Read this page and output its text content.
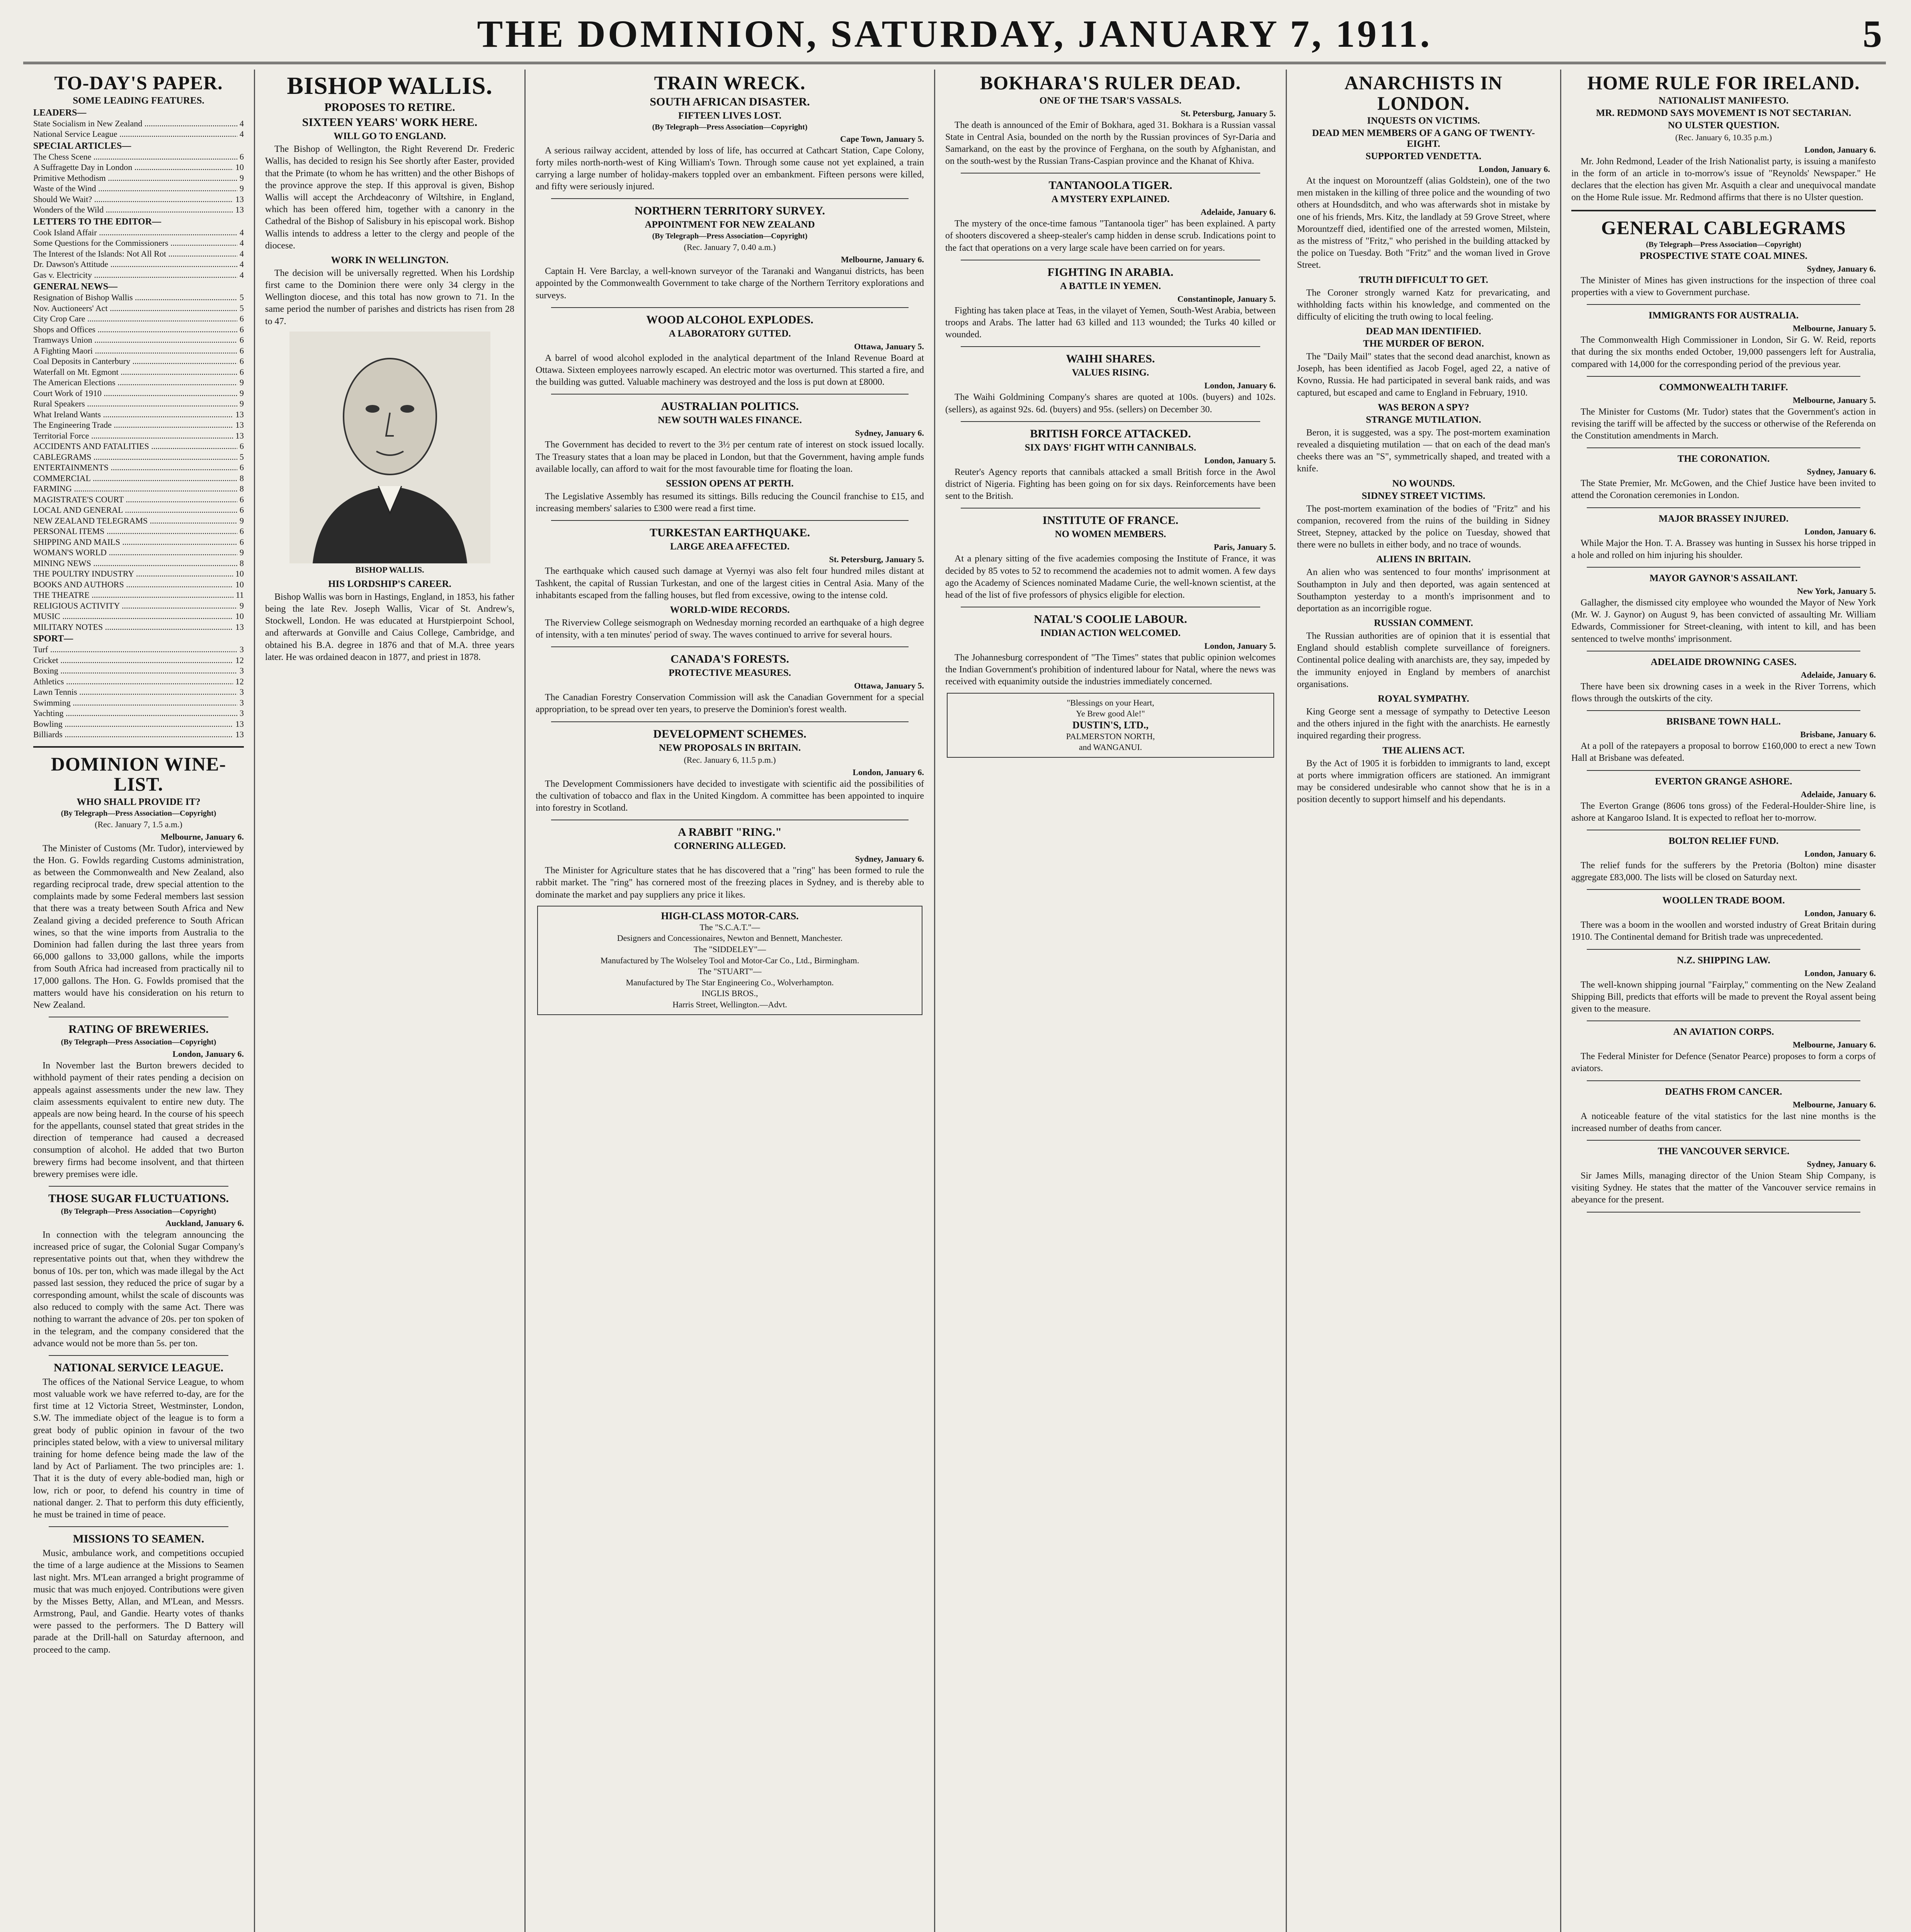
THE DOMINION, SATURDAY, JANUARY 7, 1911.	5
TO-DAY'S PAPER.
SOME LEADING FEATURES.
LEADERS—
State Socialism in New Zealand .....	4
National Service League .....	4
SPECIAL ARTICLES—
The Chess Scene .....	6
A Suffragette Day in London .....	10
Primitive Methodism .....	9
Waste of the Wind .....	9
Should We Wait? .....	13
Wonders of the Wild .....	13
LETTERS TO THE EDITOR—
Cook Island Affair .....	4
Some Questions for the Commissioners .....	4
The Interest of the Islands: Not All Rot .....	4
Dr. Dawson's Attitude .....	4
Gas v. Electricity .....	4
GENERAL NEWS—
Resignation of Bishop Wallis .....	5
Nov. Auctioneers' Act .....	5
City Crop Care .....	6
Shops and Offices .....	6
Tramways Union .....	6
A Fighting Maori .....	6
Coal Deposits in Canterbury .....	6
Waterfall on Mt. Egmont .....	6
The American Elections .....	9
Court Work of 1910 .....	9
Rural Speakers .....	9
What Ireland Wants .....	13
The Engineering Trade .....	13
Territorial Force .....	13
ACCIDENTS AND FATALITIES .....	6
CABLEGRAMS .....	5
ENTERTAINMENTS .....	6
COMMERCIAL .....	8
FARMING .....	8
MAGISTRATE'S COURT .....	6
LOCAL AND GENERAL .....	6
NEW ZEALAND TELEGRAMS .....	9
PERSONAL ITEMS .....	6
SHIPPING AND MAILS .....	6
WOMAN'S WORLD .....	9
MINING NEWS .....	8
THE POULTRY INDUSTRY .....	10
BOOKS AND AUTHORS .....	10
THE THEATRE .....	11
RELIGIOUS ACTIVITY .....	9
MUSIC .....	10
MILITARY NOTES .....	13
SPORT—
Turf .....	3
Cricket .....	12
Boxing .....	3
Athletics .....	12
Lawn Tennis .....	3
Swimming .....	3
Yachting .....	3
Bowling .....	13
Billiards .....	13
DOMINION WINE-LIST.
WHO SHALL PROVIDE IT?
(By Telegraph—Press Association—Copyright)
(Rec. January 7, 1.5 a.m.)
Melbourne, January 6.

The Minister of Customs (Mr. Tudor), interviewed by the Hon. G. Fowlds regarding Customs administration, as between the Commonwealth and New Zealand, also regarding reciprocal trade, drew special attention to the complaints made by some Federal members last session that there was a treaty between South Africa and New Zealand giving a decided preference to South African wines, so that the wine imports from Australia to the Dominion had fallen during the last three years from 66,000 gallons to 33,000 gallons, while the imports from South Africa had increased from practically nil to 17,000 gallons. The Hon. G. Fowlds promised that the matters would have his consideration on his return to New Zealand.

RATING OF BREWERIES.
(By Telegraph—Press Association—Copyright)
London, January 6.

In November last the Burton brewers decided to withhold payment of their rates pending a decision on appeals against assessments under the new law. They claim assessments equivalent to entire new duty. The appeals are now being heard. In the course of his speech for the appellants, counsel stated that great strides in the direction of temperance had caused a decreased consumption of alcohol. He added that two Burton brewery firms had become insolvent, and that thirteen brewery premises were idle.

THOSE SUGAR FLUCTUATIONS.
(By Telegraph—Press Association—Copyright)
Auckland, January 6.

In connection with the telegram announcing the increased price of sugar, the Colonial Sugar Company's representative points out that, when they withdrew the bonus of 10s. per ton, which was made illegal by the Act passed last session, they reduced the price of sugar by a corresponding amount, whilst the scale of discounts was also reduced to comply with the same Act. There was nothing to warrant the advance of 20s. per ton spoken of in the telegram, and the company considered that the advance would not be more than 5s. per ton.

NATIONAL SERVICE LEAGUE.

The offices of the National Service League, to whom most valuable work we have referred to-day, are for the first time at 12 Victoria Street, Westminster, London, S.W. The immediate object of the league is to form a great body of public opinion in favour of the two principles stated below, with a view to universal military training for home defence being made the law of the land by Act of Parliament. The two principles are: 1. That it is the duty of every able-bodied man, high or low, rich or poor, to defend his country in time of national danger. 2. That to perform this duty efficiently, he must be trained in time of peace.

MISSIONS TO SEAMEN.

Music, ambulance work, and competitions occupied the time of a large audience at the Missions to Seamen last night. Mrs. M'Lean arranged a bright programme of music that was much enjoyed. Contributions were given by the Misses Betty, Allan, and M'Lean, and Messrs. Armstrong, Paul, and Gandie. Hearty votes of thanks were passed to the performers. The D Battery will parade at the Drill-hall on Saturday afternoon, and proceed to the camp.

BISHOP WALLIS.
PROPOSES TO RETIRE.
SIXTEEN YEARS' WORK HERE.
WILL GO TO ENGLAND.

The Bishop of Wellington, the Right Reverend Dr. Frederic Wallis, has decided to resign his See shortly after Easter, provided that the Primate (to whom he has written) and the other Bishops of the province approve the step. If this approval is given, Bishop Wallis will accept the Archdeaconry of Wiltshire, in England, which has been offered him, together with a canonry in the Cathedral of the Bishop of Salisbury in his episcopal work. Bishop Wallis intends to address a letter to the clergy and people of the diocese.

WORK IN WELLINGTON.

The decision will be universally regretted. When his Lordship first came to the Dominion there were only 34 clergy in the Wellington diocese, and this total has now grown to 71. In the same period the number of parishes and districts has risen from 28 to 47.

BISHOP WALLIS.
HIS LORDSHIP'S CAREER.

Bishop Wallis was born in Hastings, England, in 1853, his father being the late Rev. Joseph Wallis, Vicar of St. Andrew's, Stockwell, London. He was educated at Hurstpierpoint School, and afterwards at Gonville and Caius College, Cambridge, and obtained his B.A. degree in 1876 and that of M.A. three years later. He was ordained deacon in 1877, and priest in 1878.

TRAIN WRECK.
SOUTH AFRICAN DISASTER.
FIFTEEN LIVES LOST.
(By Telegraph—Press Association—Copyright)
Cape Town, January 5.

A serious railway accident, attended by loss of life, has occurred at Cathcart Station, Cape Colony, forty miles north-north-west of King William's Town. Through some cause not yet explained, a train carrying a large number of holiday-makers toppled over an embankment. Fifteen persons were killed, and fifty were seriously injured.

NORTHERN TERRITORY SURVEY.
APPOINTMENT FOR NEW ZEALAND
(By Telegraph—Press Association—Copyright)
(Rec. January 7, 0.40 a.m.)
Melbourne, January 6.

Captain H. Vere Barclay, a well-known surveyor of the Taranaki and Wanganui districts, has been appointed by the Commonwealth Government to take charge of the Northern Territory explorations and surveys.

WOOD ALCOHOL EXPLODES.
A LABORATORY GUTTED.
Ottawa, January 5.

A barrel of wood alcohol exploded in the analytical department of the Inland Revenue Board at Ottawa. Sixteen employees narrowly escaped. An electric motor was overturned. This started a fire, and the building was gutted. Valuable machinery was destroyed and the loss is put down at £8000.

AUSTRALIAN POLITICS.
NEW SOUTH WALES FINANCE.
Sydney, January 6.

The Government has decided to revert to the 3½ per centum rate of interest on stock issued locally. The Treasury states that a loan may be placed in London, but that the Government, having ample funds available locally, can afford to wait for the most favourable time for floating the loan.

SESSION OPENS AT PERTH.

The Legislative Assembly has resumed its sittings. Bills reducing the Council franchise to £15, and increasing members' salaries to £300 were read a first time.

TURKESTAN EARTHQUAKE.
LARGE AREA AFFECTED.
St. Petersburg, January 5.

The earthquake which caused such damage at Vyernyi was also felt four hundred miles distant at Tashkent, the capital of Russian Turkestan, and one of the largest cities in Central Asia. Many of the inhabitants escaped from the falling houses, but fled from excessive, owing to the intense cold.

WORLD-WIDE RECORDS.

The Riverview College seismograph on Wednesday morning recorded an earthquake of a high degree of intensity, with a ten minutes' period of sway. The waves continued to arrive for several hours.

CANADA'S FORESTS.
PROTECTIVE MEASURES.
Ottawa, January 5.

The Canadian Forestry Conservation Commission will ask the Canadian Government for a special appropriation, to be spread over ten years, to preserve the Dominion's forest wealth.

DEVELOPMENT SCHEMES.
NEW PROPOSALS IN BRITAIN.
(Rec. January 6, 11.5 p.m.)
London, January 6.

The Development Commissioners have decided to investigate with scientific aid the possibilities of the cultivation of tobacco and flax in the United Kingdom. A committee has been appointed to inquire into forestry in Scotland.

A RABBIT "RING."
CORNERING ALLEGED.
Sydney, January 6.

The Minister for Agriculture states that he has discovered that a "ring" has been formed to rule the rabbit market. The "ring" has cornered most of the freezing places in Sydney, and is thereby able to dominate the market and pay suppliers any price it likes.

HIGH-CLASS MOTOR-CARS.
The "S.C.A.T."—
Designers and Concessionaires, Newton and Bennett, Manchester.
The "SIDDELEY"—
Manufactured by The Wolseley Tool and Motor-Car Co., Ltd., Birmingham.
The "STUART"—
Manufactured by The Star Engineering Co., Wolverhampton.
INGLIS BROS.,
Harris Street, Wellington.—Advt.
BOKHARA'S RULER DEAD.
ONE OF THE TSAR'S VASSALS.
St. Petersburg, January 5.

The death is announced of the Emir of Bokhara, aged 31. Bokhara is a Russian vassal State in Central Asia, bounded on the north by the Russian provinces of Syr-Daria and Samarkand, on the east by the province of Ferghana, on the south by Afghanistan, and on the south-west by the Russian Trans-Caspian province and the Khanat of Khiva.

TANTANOOLA TIGER.
A MYSTERY EXPLAINED.
Adelaide, January 6.

The mystery of the once-time famous "Tantanoola tiger" has been explained. A party of shooters discovered a sheep-stealer's camp hidden in dense scrub. Indications point to the fact that operations on a very large scale have been carried on for years.

FIGHTING IN ARABIA.
A BATTLE IN YEMEN.
Constantinople, January 5.

Fighting has taken place at Teas, in the vilayet of Yemen, South-West Arabia, between troops and Arabs. The latter had 63 killed and 113 wounded; the Turks 40 killed or wounded.

WAIHI SHARES.
VALUES RISING.
London, January 6.

The Waihi Goldmining Company's shares are quoted at 100s. (buyers) and 102s. (sellers), as against 92s. 6d. (buyers) and 95s. (sellers) on December 30.

BRITISH FORCE ATTACKED.
SIX DAYS' FIGHT WITH CANNIBALS.
London, January 5.

Reuter's Agency reports that cannibals attacked a small British force in the Awol district of Nigeria. Fighting has been going on for six days. Reinforcements have been sent to the British.

INSTITUTE OF FRANCE.
NO WOMEN MEMBERS.
Paris, January 5.

At a plenary sitting of the five academies composing the Institute of France, it was decided by 85 votes to 52 to recommend the academies not to admit women. A few days ago the Academy of Sciences nominated Madame Curie, the well-known scientist, at the head of the list of five professors of physics eligible for election.

NATAL'S COOLIE LABOUR.
INDIAN ACTION WELCOMED.
London, January 5.

The Johannesburg correspondent of "The Times" states that public opinion welcomes the Indian Government's prohibition of indentured labour for Natal, where the news was received with equanimity outside the industries immediately concerned.

"Blessings on your Heart,
Ye Brew good Ale!"
DUSTIN'S, LTD.,
PALMERSTON NORTH,
and WANGANUI.
ANARCHISTS IN LONDON.
INQUESTS ON VICTIMS.
DEAD MEN MEMBERS OF A GANG OF TWENTY-EIGHT.
SUPPORTED VENDETTA.
London, January 6.

At the inquest on Morountzeff (alias Goldstein), one of the two men mistaken in the killing of three police and the wounding of two others at Houndsditch, and who was afterwards shot in mistake by one of his friends, Mrs. Kitz, the landlady at 59 Grove Street, where Morountzeff died, identified one of the arrested women, Milstein, as the mistress of "Fritz," who perished in the building attacked by the police on Tuesday. Both "Fritz" and the woman lived in Grove Street.

TRUTH DIFFICULT TO GET.

The Coroner strongly warned Katz for prevaricating, and withholding facts within his knowledge, and commented on the difficulty of eliciting the truth owing to local feeling.

DEAD MAN IDENTIFIED.
THE MURDER OF BERON.

The "Daily Mail" states that the second dead anarchist, known as Joseph, has been identified as Jacob Fogel, aged 22, a native of Kovno, Russia. He had participated in several bank raids, and was captured, but escaped and came to England in February, 1910.

WAS BERON A SPY?
STRANGE MUTILATION.

Beron, it is suggested, was a spy. The post-mortem examination revealed a disquieting mutilation — that on each of the dead man's cheeks there was an "S", symmetrically shaped, and treated with a knife.

NO WOUNDS.
SIDNEY STREET VICTIMS.

The post-mortem examination of the bodies of "Fritz" and his companion, recovered from the ruins of the building in Sidney Street, Stepney, attacked by the police on Tuesday, showed that there were no bullets in either body, and no trace of wounds.

ALIENS IN BRITAIN.

An alien who was sentenced to four months' imprisonment at Southampton in July and then deported, was again sentenced at Southampton yesterday to a month's imprisonment and to deportation as an incorrigible rogue.

RUSSIAN COMMENT.

The Russian authorities are of opinion that it is essential that England should establish complete surveillance of foreigners. Continental police dealing with anarchists are, they say, impeded by the immunity enjoyed in England by members of anarchist organisations.

ROYAL SYMPATHY.

King George sent a message of sympathy to Detective Leeson and the others injured in the fight with the anarchists. He earnestly inquired regarding their progress.

THE ALIENS ACT.

By the Act of 1905 it is forbidden to immigrants to land, except at ports where immigration officers are stationed. An immigrant may be considered undesirable who cannot show that he is in a position decently to support himself and his dependants.

HOME RULE FOR IRELAND.
NATIONALIST MANIFESTO.
MR. REDMOND SAYS MOVEMENT IS NOT SECTARIAN.
NO ULSTER QUESTION.
(Rec. January 6, 10.35 p.m.)
London, January 6.

Mr. John Redmond, Leader of the Irish Nationalist party, is issuing a manifesto in the form of an article in to-morrow's issue of "Reynolds' Newspaper." He declares that the election has given Mr. Asquith a clear and unequivocal mandate on the Home Rule issue. Mr. Redmond affirms that there is no Ulster question.

GENERAL CABLEGRAMS
(By Telegraph—Press Association—Copyright)
PROSPECTIVE STATE COAL MINES.
Sydney, January 6.

The Minister of Mines has given instructions for the inspection of three coal properties with a view to Government purchase.

IMMIGRANTS FOR AUSTRALIA.
Melbourne, January 5.

The Commonwealth High Commissioner in London, Sir G. W. Reid, reports that during the six months ended October, 19,000 passengers left for Australia, compared with 14,000 for the corresponding period of the previous year.

COMMONWEALTH TARIFF.
Melbourne, January 5.

The Minister for Customs (Mr. Tudor) states that the Government's action in revising the tariff will be affected by the success or otherwise of the Referenda on the Constitution amendments in March.

THE CORONATION.
Sydney, January 6.

The State Premier, Mr. McGowen, and the Chief Justice have been invited to attend the Coronation ceremonies in London.

MAJOR BRASSEY INJURED.
London, January 6.

While Major the Hon. T. A. Brassey was hunting in Sussex his horse tripped in a hole and rolled on him injuring his shoulder.

MAYOR GAYNOR'S ASSAILANT.
New York, January 5.

Gallagher, the dismissed city employee who wounded the Mayor of New York (Mr. W. J. Gaynor) on August 9, has been convicted of assaulting Mr. William Edwards, Commissioner for Street-cleaning, with intent to kill, and has been sentenced to twelve months' imprisonment.

ADELAIDE DROWNING CASES.
Adelaide, January 6.

There have been six drowning cases in a week in the River Torrens, which flows through the outskirts of the city.

BRISBANE TOWN HALL.
Brisbane, January 6.

At a poll of the ratepayers a proposal to borrow £160,000 to erect a new Town Hall at Brisbane was defeated.

EVERTON GRANGE ASHORE.
Adelaide, January 6.

The Everton Grange (8606 tons gross) of the Federal-Houlder-Shire line, is ashore at Kangaroo Island. It is expected to refloat her to-morrow.

BOLTON RELIEF FUND.
London, January 6.

The relief funds for the sufferers by the Pretoria (Bolton) mine disaster aggregate £83,000. The lists will be closed on Saturday next.

WOOLLEN TRADE BOOM.
London, January 6.

There was a boom in the woollen and worsted industry of Great Britain during 1910. The Continental demand for British trade was unprecedented.

N.Z. SHIPPING LAW.
London, January 6.

The well-known shipping journal "Fairplay," commenting on the New Zealand Shipping Bill, predicts that efforts will be made to prevent the Royal assent being given to the measure.

AN AVIATION CORPS.
Melbourne, January 6.

The Federal Minister for Defence (Senator Pearce) proposes to form a corps of aviators.

DEATHS FROM CANCER.
Melbourne, January 6.

A noticeable feature of the vital statistics for the last nine months is the increased number of deaths from cancer.

THE VANCOUVER SERVICE.
Sydney, January 6.

Sir James Mills, managing director of the Union Steam Ship Company, is visiting Sydney. He states that the matter of the Vancouver service remains in abeyance for the present.
